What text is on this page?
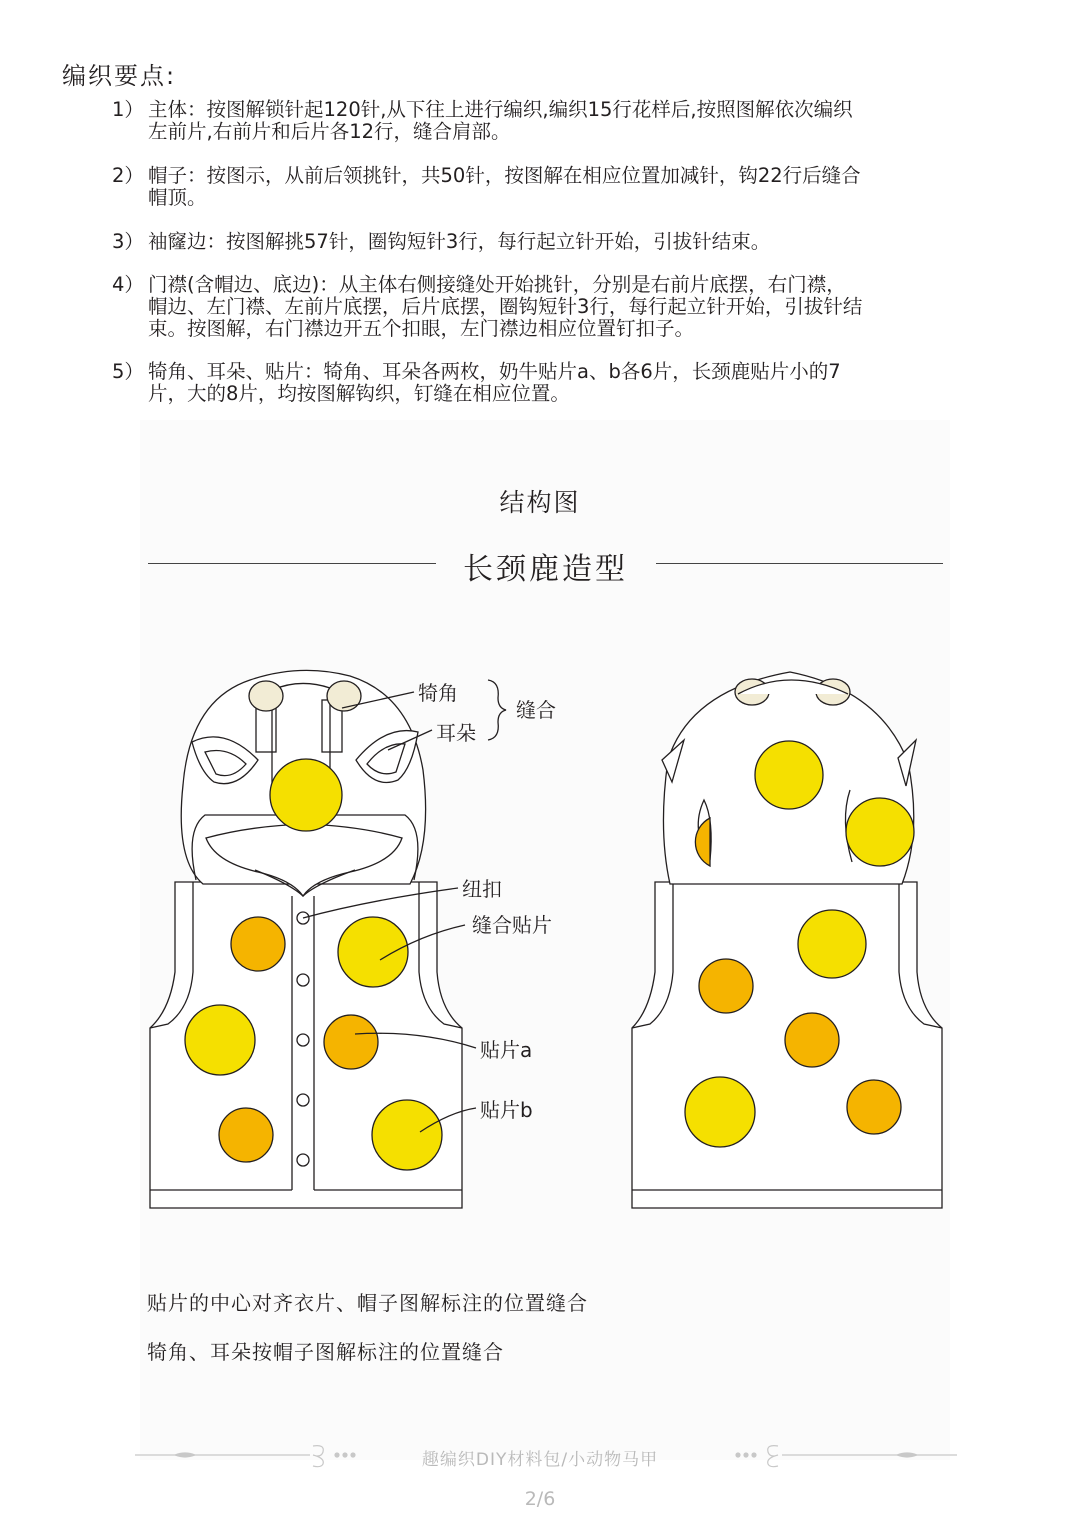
编织要点:
1） 主体：按图解锁针起120针,从下往上进行编织,编织15行花样后,按照图解依次编织
左前片,右前片和后片各12行，缝合肩部。
2） 帽子：按图示，从前后领挑针，共50针，按图解在相应位置加减针，钩22行后缝合
帽顶。
3） 袖窿边：按图解挑57针，圈钩短针3行，每行起立针开始，引拔针结束。
4） 门襟(含帽边、底边)：从主体右侧接缝处开始挑针，分别是右前片底摆，右门襟，
帽边、左门襟、左前片底摆，后片底摆，圈钩短针3行，每行起立针开始，引拔针结
束。按图解，右门襟边开五个扣眼，左门襟边相应位置钉扣子。
5） 犄角、耳朵、贴片：犄角、耳朵各两枚，奶牛贴片a、b各6片，长颈鹿贴片小的7
片，大的8片，均按图解钩织，钉缝在相应位置。
结构图
长颈鹿造型
犄角
耳朵
缝合
纽扣
缝合贴片
贴片a
贴片b
贴片的中心对齐衣片、帽子图解标注的位置缝合
犄角、耳朵按帽子图解标注的位置缝合
趣编织DIY材料包/小动物马甲
2/6
